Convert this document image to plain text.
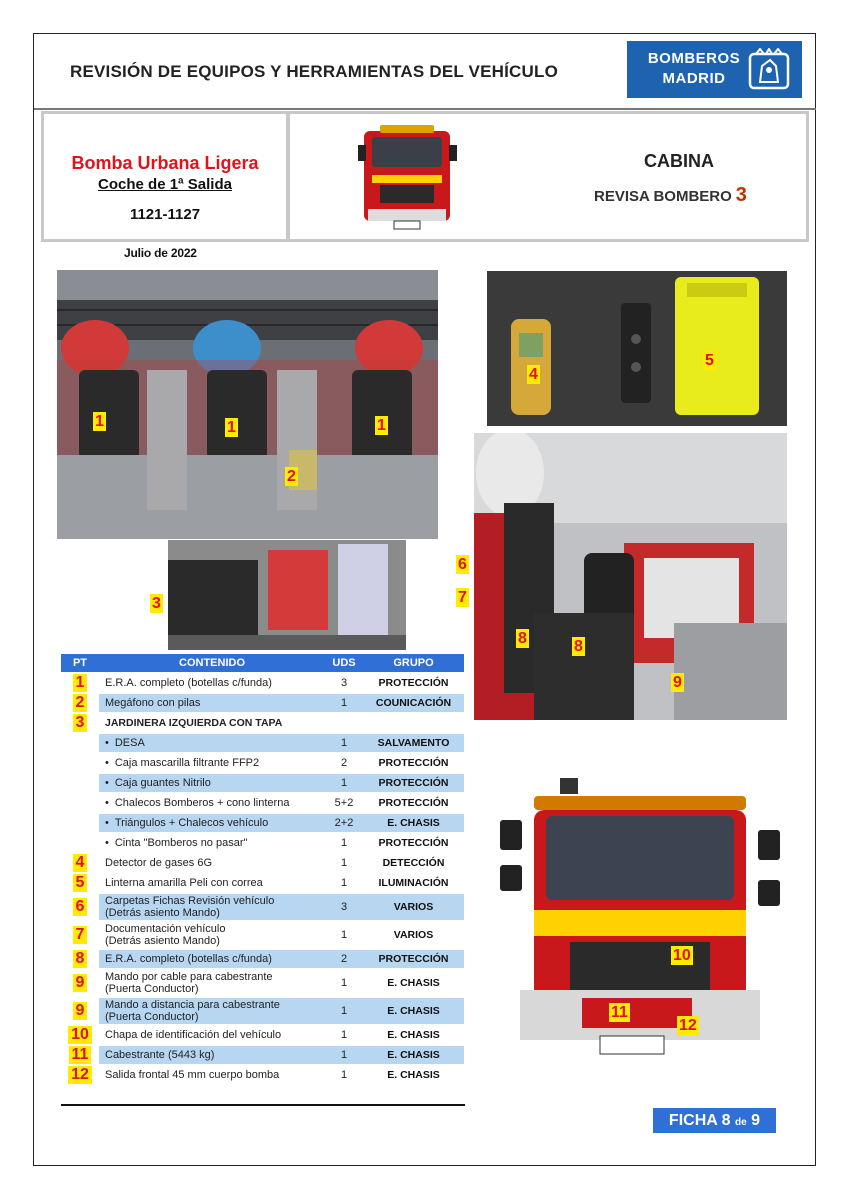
REVISIÓN DE EQUIPOS Y HERRAMIENTAS DEL VEHÍCULO
BOMBEROS
MADRID
Bomba Urbana Ligera
Coche de 1ª Salida
1121-1127
CABINA
REVISA BOMBERO 3
Julio de 2022
1	1	1
2
3
4
5
8	8
9
6
7
10
11
12
PT	CONTENIDO	UDS	GRUPO
1	E.R.A. completo (botellas c/funda)	3	PROTECCIÓN
2	Megáfono con pilas	1	COUNICACIÓN
3	JARDINERA IZQUIERDA CON TAPA		

	• DESA	1	SALVAMENTO

	• Caja mascarilla filtrante FFP2	2	PROTECCIÓN

	• Caja guantes Nitrilo	1	PROTECCIÓN

	• Chalecos Bomberos + cono linterna	5+2	PROTECCIÓN

	• Triángulos + Chalecos vehículo	2+2	E. CHASIS

	• Cinta "Bomberos no pasar"	1	PROTECCIÓN
4	Detector de gases 6G	1	DETECCIÓN
5	Linterna amarilla Peli con correa	1	ILUMINACIÓN
6	Carpetas Fichas Revisión vehículo
(Detrás asiento Mando)	3	VARIOS
7	Documentación vehículo
(Detrás asiento Mando)	1	VARIOS
8	E.R.A. completo (botellas c/funda)	2	PROTECCIÓN
9	Mando por cable para cabestrante
(Puerta Conductor)	1	E. CHASIS
9	Mando a distancia para cabestrante
(Puerta Conductor)	1	E. CHASIS
10	Chapa de identificación del vehículo	1	E. CHASIS
11	Cabestrante (5443 kg)	1	E. CHASIS
12	Salida frontal 45 mm cuerpo bomba	1	E. CHASIS
FICHA 8 de 9
